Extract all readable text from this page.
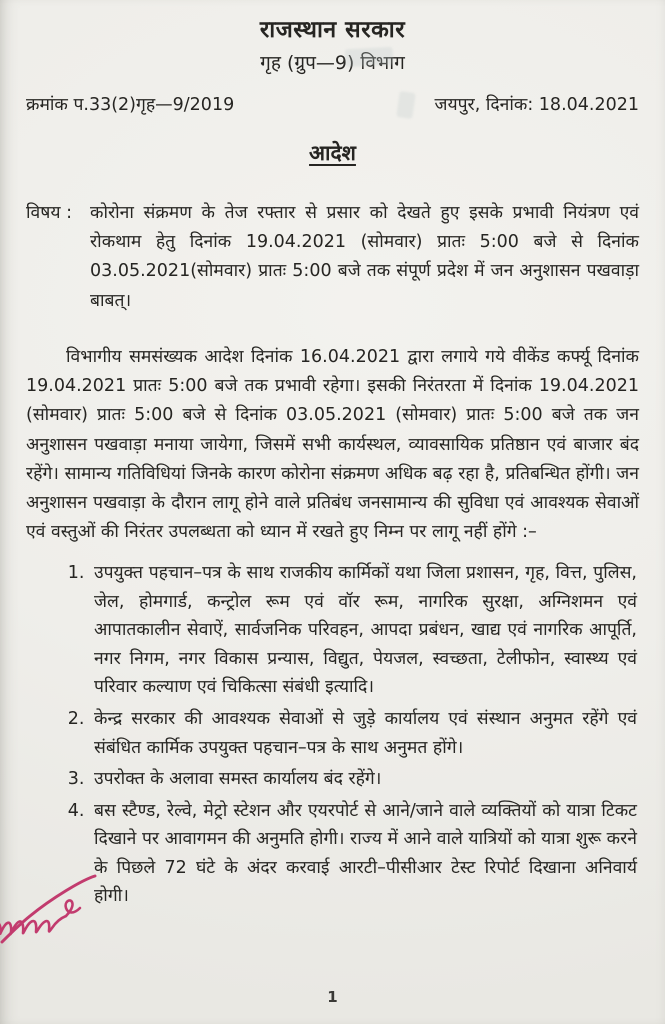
राजस्थान सरकार
गृह (ग्रुप—9) विभाग
क्रमांक प.33(2)गृह—9/2019	जयपुर, दिनांक: 18.04.2021
आदेश
विषय :	कोरोना संक्रमण के तेज रफ्तार से प्रसार को देखते हुए इसके प्रभावी नियंत्रण एवं रोकथाम हेतु दिनांक 19.04.2021 (सोमवार) प्रातः 5:00 बजे से दिनांक 03.05.2021(सोमवार) प्रातः 5:00 बजे तक संपूर्ण प्रदेश में जन अनुशासन पखवाड़ा बाबत्।
विभागीय समसंख्यक आदेश दिनांक 16.04.2021 द्वारा लगाये गये वीकेंड कर्फ्यू दिनांक 19.04.2021 प्रातः 5:00 बजे तक प्रभावी रहेगा। इसकी निरंतरता में दिनांक 19.04.2021 (सोमवार) प्रातः 5:00 बजे से दिनांक 03.05.2021 (सोमवार) प्रातः 5:00 बजे तक जन अनुशासन पखवाड़ा मनाया जायेगा, जिसमें सभी कार्यस्थल, व्यावसायिक प्रतिष्ठान एवं बाजार बंद रहेंगे। सामान्य गतिविधियां जिनके कारण कोरोना संक्रमण अधिक बढ़ रहा है, प्रतिबन्धित होंगी। जन अनुशासन पखवाड़ा के दौरान लागू होने वाले प्रतिबंध जनसामान्य की सुविधा एवं आवश्यक सेवाओं एवं वस्तुओं की निरंतर उपलब्धता को ध्यान में रखते हुए निम्न पर लागू नहीं होंगे :–
1. उपयुक्त पहचान–पत्र के साथ राजकीय कार्मिकों यथा जिला प्रशासन, गृह, वित्त, पुलिस, जेल, होमगार्ड, कन्ट्रोल रूम एवं वॉर रूम, नागरिक सुरक्षा, अग्निशमन एवं आपातकालीन सेवाऐं, सार्वजनिक परिवहन, आपदा प्रबंधन, खाद्य एवं नागरिक आपूर्ति, नगर निगम, नगर विकास प्रन्यास, विद्युत, पेयजल, स्वच्छता, टेलीफोन, स्वास्थ्य एवं परिवार कल्याण एवं चिकित्सा संबंधी इत्यादि।
2. केन्द्र सरकार की आवश्यक सेवाओं से जुड़े कार्यालय एवं संस्थान अनुमत रहेंगे एवं संबंधित कार्मिक उपयुक्त पहचान–पत्र के साथ अनुमत होंगे।
3. उपरोक्त के अलावा समस्त कार्यालय बंद रहेंगे।
4. बस स्टैण्ड, रेल्वे, मेट्रो स्टेशन और एयरपोर्ट से आने/जाने वाले व्यक्तियों को यात्रा टिकट दिखाने पर आवागमन की अनुमति होगी। राज्य में आने वाले यात्रियों को यात्रा शुरू करने के पिछले 72 घंटे के अंदर करवाई आरटी–पीसीआर टेस्ट रिपोर्ट दिखाना अनिवार्य होगी।
1
